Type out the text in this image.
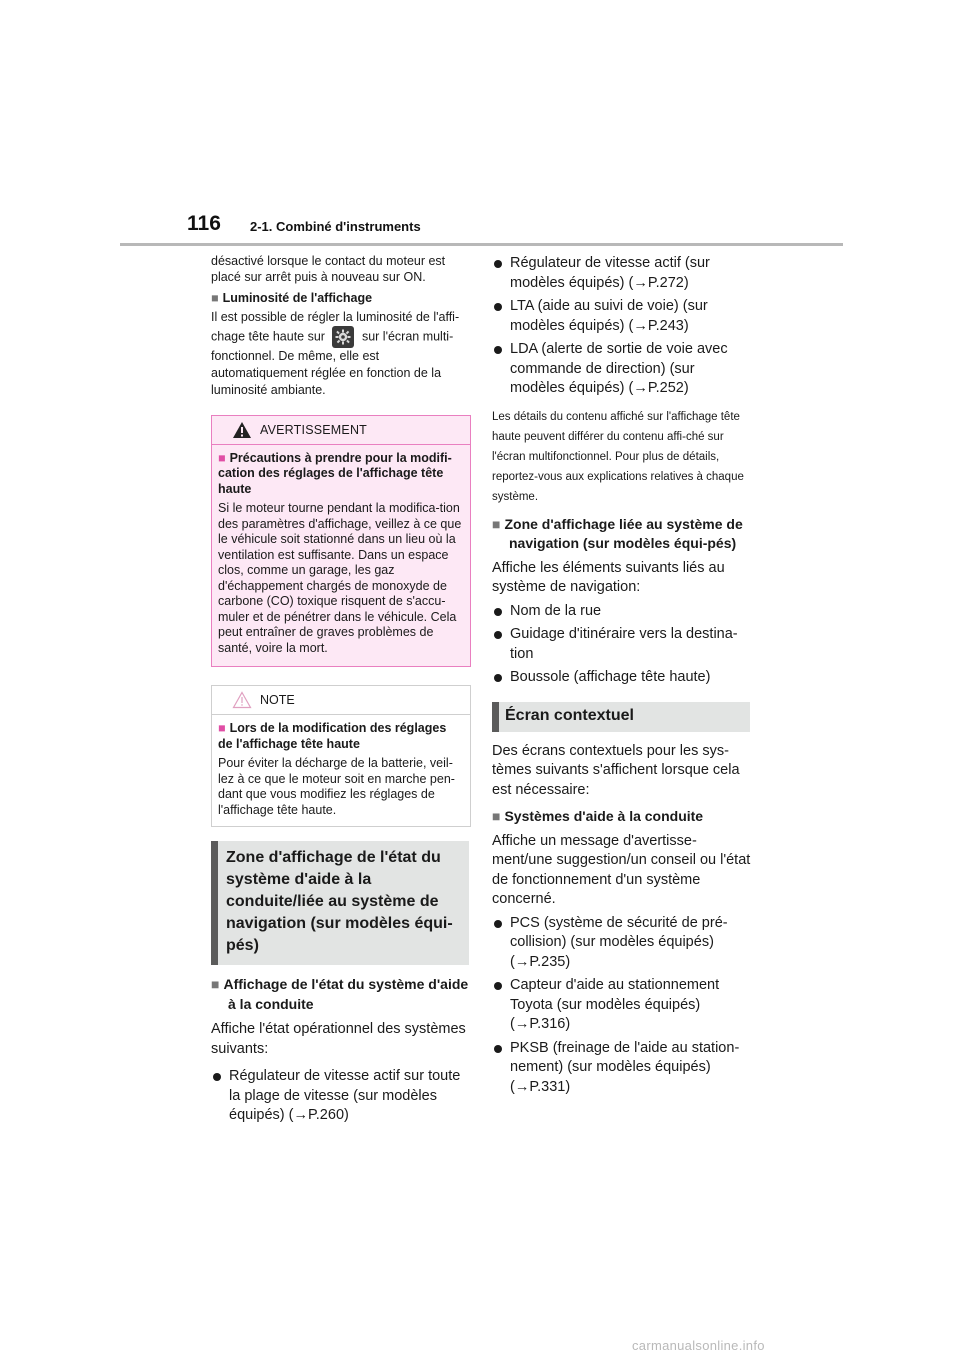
116 2-1. Combiné d'instruments

désactivé lorsque le contact du moteur est placé sur arrêt puis à nouveau sur ON.

■ Luminosité de l'affichage

Il est possible de régler la luminosité de l'affi-chage tête haute sur	sur l'écran multi-fonctionnel. De même, elle est automatiquement réglée en fonction de la luminosité ambiante.

AVERTISSEMENT

■ Précautions à prendre pour la modifi-cation des réglages de l'affichage tête haute

Si le moteur tourne pendant la modifica-tion des paramètres d'affichage, veillez à ce que le véhicule soit stationné dans un lieu où la ventilation est suffisante. Dans un espace clos, comme un garage, les gaz d'échappement chargés de monoxyde de carbone (CO) toxique risquent de s'accu-muler et de pénétrer dans le véhicule. Cela peut entraîner de graves problèmes de santé, voire la mort.

NOTE

■ Lors de la modification des réglages de l'affichage tête haute

Pour éviter la décharge de la batterie, veil-lez à ce que le moteur soit en marche pen-dant que vous modifiez les réglages de l'affichage tête haute.

Zone d'affichage de l'état du système d'aide à la conduite/liée au système de navigation (sur modèles équi-pés)

■ Affichage de l'état du système d'aide à la conduite

Affiche l'état opérationnel des systèmes suivants:

Régulateur de vitesse actif sur toute la plage de vitesse (sur modèles équipés) (→P.260)

Régulateur de vitesse actif (sur modèles équipés) (→P.272)

LTA (aide au suivi de voie) (sur modèles équipés) (→P.243)

LDA (alerte de sortie de voie avec commande de direction) (sur modèles équipés) (→P.252)

Les détails du contenu affiché sur l'affichage tête haute peuvent différer du contenu affi-ché sur l'écran multifonctionnel. Pour plus de détails, reportez-vous aux explications relatives à chaque système.

■ Zone d'affichage liée au système de navigation (sur modèles équi-pés)

Affiche les éléments suivants liés au système de navigation:

Nom de la rue

Guidage d'itinéraire vers la destina-tion

Boussole (affichage tête haute)

Écran contextuel

Des écrans contextuels pour les sys-tèmes suivants s'affichent lorsque cela est nécessaire:

■ Systèmes d'aide à la conduite

Affiche un message d'avertisse-ment/une suggestion/un conseil ou l'état de fonctionnement d'un système concerné.

PCS (système de sécurité de pré-collision) (sur modèles équipés) (→P.235)

Capteur d'aide au stationnement Toyota (sur modèles équipés) (→P.316)

PKSB (freinage de l'aide au station-nement) (sur modèles équipés) (→P.331)

carmanualsonline.info
